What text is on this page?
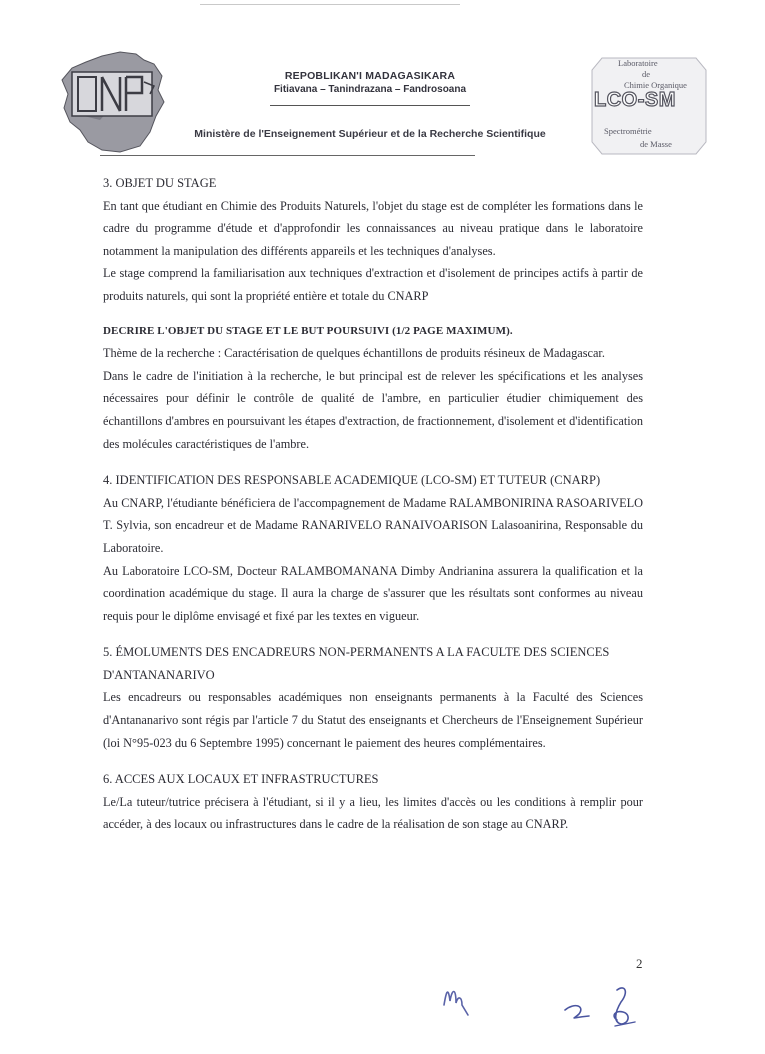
REPOBLIKAN'I MADAGASIKARA
Fitiavana – Tanindrazana – Fandrosoana
Ministère de l'Enseignement Supérieur et de la Recherche Scientifique
Laboratoire
de
Chimie Organique
LCO-SM
Spectrométrie
de Masse

3. OBJET DU STAGE

En tant que étudiant en Chimie des Produits Naturels, l'objet du stage est de compléter les formations dans le cadre du programme d'étude et d'approfondir les connaissances au niveau pratique dans le laboratoire notamment la manipulation des différents appareils et les techniques d'analyses.

Le stage comprend la familiarisation aux techniques d'extraction et d'isolement de principes actifs à partir de produits naturels, qui sont la propriété entière et totale du CNARP

DECRIRE L'OBJET DU STAGE ET LE BUT POURSUIVI (1/2 PAGE MAXIMUM).

Thème de la recherche : Caractérisation de quelques échantillons de produits résineux de Madagascar.

Dans le cadre de l'initiation à la recherche, le but principal est de relever les spécifications et les analyses nécessaires pour définir le contrôle de qualité de l'ambre, en particulier étudier chimiquement des échantillons d'ambres en poursuivant les étapes d'extraction, de fractionnement, d'isolement et d'identification des molécules caractéristiques de l'ambre.

4. IDENTIFICATION DES RESPONSABLE ACADEMIQUE (LCO-SM) ET TUTEUR (CNARP)

Au CNARP, l'étudiante bénéficiera de l'accompagnement de Madame RALAMBONIRINA RASOARIVELO T. Sylvia, son encadreur et de Madame RANARIVELO RANAIVOARISON Lalasoanirina, Responsable du Laboratoire.

Au Laboratoire LCO-SM, Docteur RALAMBOMANANA Dimby Andrianina assurera la qualification et la coordination académique du stage. Il aura la charge de s'assurer que les résultats sont conformes au niveau requis pour le diplôme envisagé et fixé par les textes en vigueur.

5. ÉMOLUMENTS DES ENCADREURS NON-PERMANENTS A LA FACULTE DES SCIENCES D'ANTANANARIVO

Les encadreurs ou responsables académiques non enseignants permanents à la Faculté des Sciences d'Antananarivo sont régis par l'article 7 du Statut des enseignants et Chercheurs de l'Enseignement Supérieur (loi N°95-023 du 6 Septembre 1995) concernant le paiement des heures complémentaires.

6. ACCES AUX LOCAUX ET INFRASTRUCTURES

Le/La tuteur/tutrice précisera à l'étudiant, si il y a lieu, les limites d'accès ou les conditions à remplir pour accéder, à des locaux ou infrastructures dans le cadre de la réalisation de son stage au CNARP.

2
